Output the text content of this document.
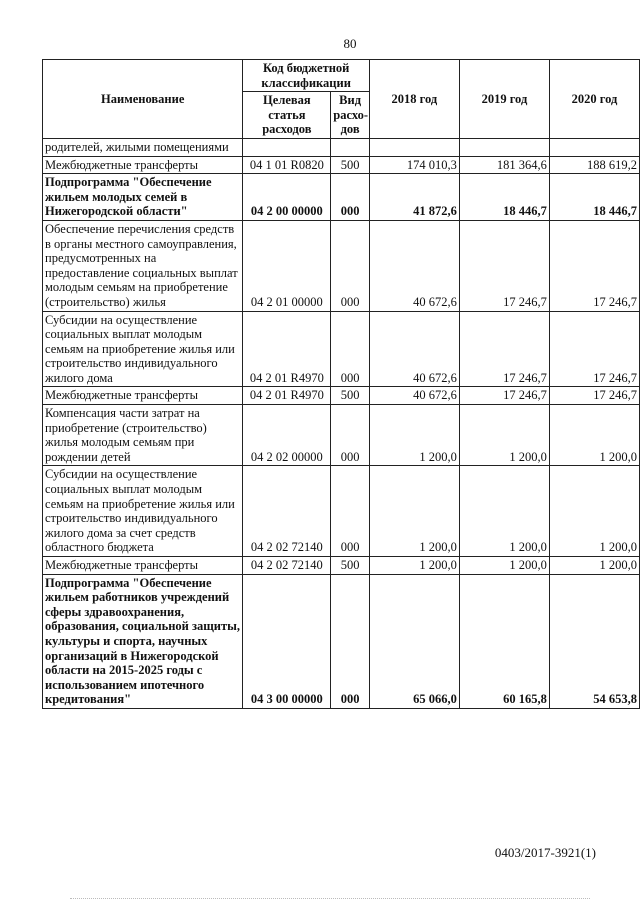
80
Наименование	Код бюджетной классификации		2018 год	2019 год	2020 год
	Целевая статья расходов	Вид расхо-дов			
родителей, жилыми помещениями					
Межбюджетные трансферты	04 1 01 R0820	500	174 010,3	181 364,6	188 619,2
Подпрограмма "Обеспечение жильем молодых семей в Нижегородской области"	04 2 00 00000	000	41 872,6	18 446,7	18 446,7
Обеспечение перечисления средств в органы местного самоуправления, предусмотренных на предоставление социальных выплат молодым семьям на приобретение (строительство) жилья	04 2 01 00000	000	40 672,6	17 246,7	17 246,7
Субсидии на осуществление социальных выплат молодым семьям на приобретение жилья или строительство индивидуального жилого дома	04 2 01 R4970	000	40 672,6	17 246,7	17 246,7
Межбюджетные трансферты	04 2 01 R4970	500	40 672,6	17 246,7	17 246,7
Компенсация части затрат на приобретение (строительство) жилья молодым семьям при рождении детей	04 2 02 00000	000	1 200,0	1 200,0	1 200,0
Субсидии на осуществление социальных выплат молодым семьям на приобретение жилья или строительство индивидуального жилого дома за счет средств областного бюджета	04 2 02 72140	000	1 200,0	1 200,0	1 200,0
Межбюджетные трансферты	04 2 02 72140	500	1 200,0	1 200,0	1 200,0
Подпрограмма "Обеспечение жильем работников учреждений сферы здравоохранения, образования, социальной защиты, культуры и спорта, научных организаций в Нижегородской области на 2015-2025 годы с использованием ипотечного кредитования"	04 3 00 00000	000	65 066,0	60 165,8	54 653,8
0403/2017-3921(1)
